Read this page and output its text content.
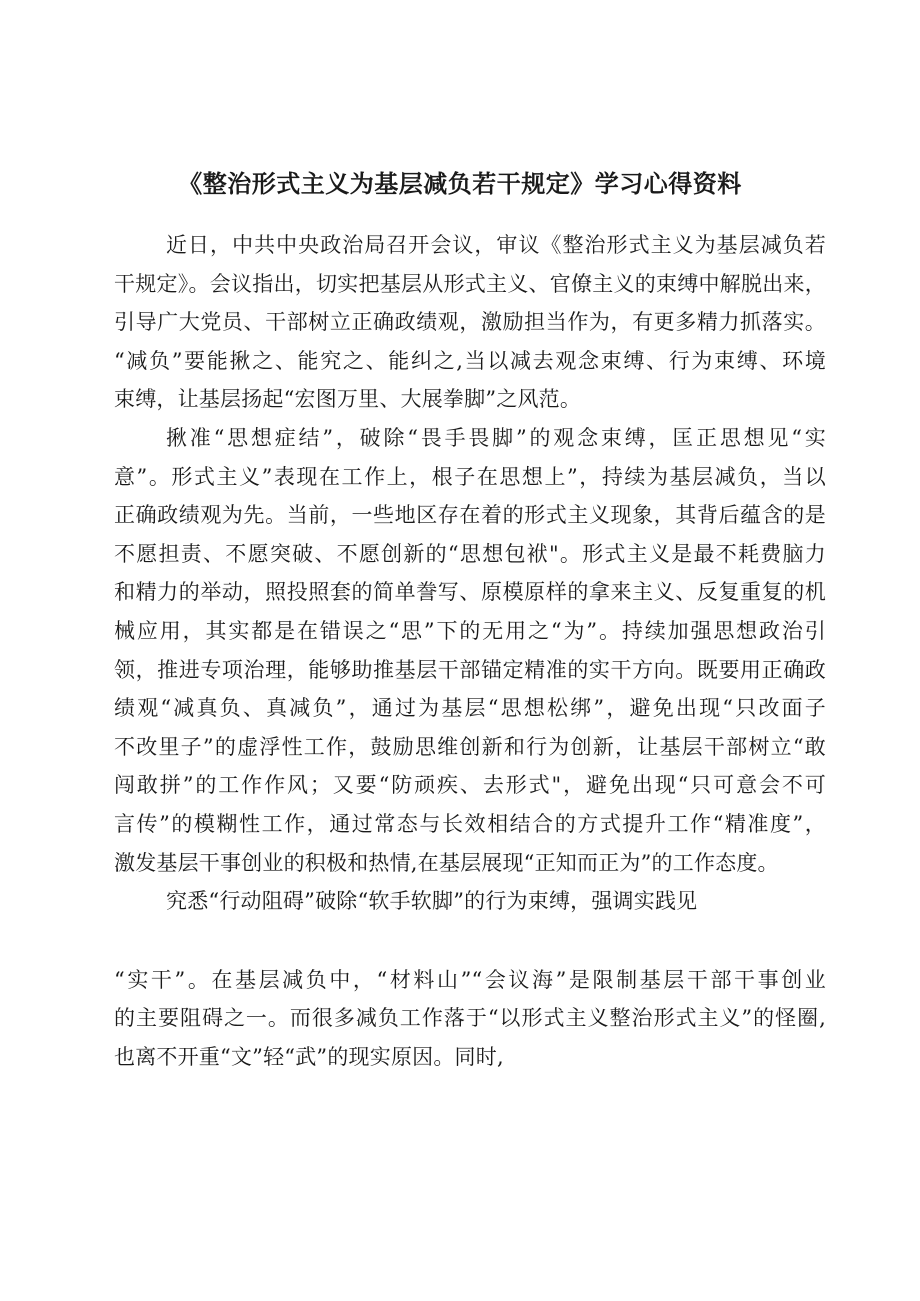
《整治形式主义为基层减负若干规定》学习心得资料
近日，中共中央政治局召开会议，审议《整治形式主义为基层减负若
干规定》。会议指出，切实把基层从形式主义、官僚主义的束缚中解脱出来，
引导广大党员、干部树立正确政绩观，激励担当作为，有更多精力抓落实。
“减负”要能揪之、能究之、能纠之,当以减去观念束缚、行为束缚、环境
束缚，让基层扬起“宏图万里、大展拳脚”之风范。
揪准“思想症结”，破除“畏手畏脚”的观念束缚，匡正思想见“实
意”。形式主义”表现在工作上，根子在思想上”，持续为基层减负，当以
正确政绩观为先。当前，一些地区存在着的形式主义现象，其背后蕴含的是
不愿担责、不愿突破、不愿创新的“思想包袱"。形式主义是最不耗费脑力
和精力的举动，照投照套的简单誊写、原模原样的拿来主义、反复重复的机
械应用，其实都是在错误之“思”下的无用之“为”。持续加强思想政治引
领，推进专项治理，能够助推基层干部锚定精准的实干方向。既要用正确政
绩观“减真负、真减负”，通过为基层“思想松绑”，避免出现“只改面子
不改里子”的虚浮性工作，鼓励思维创新和行为创新，让基层干部树立“敢
闯敢拼”的工作作风；又要“防顽疾、去形式"，避免出现“只可意会不可
言传”的模糊性工作，通过常态与长效相结合的方式提升工作“精准度”，
激发基层干事创业的积极和热情,在基层展现“正知而正为”的工作态度。
究悉“行动阻碍”破除“软手软脚”的行为束缚，强调实践见
“实干”。在基层减负中，“材料山”“会议海”是限制基层干部干事创业
的主要阻碍之一。而很多减负工作落于“以形式主义整治形式主义”的怪圈,
也离不开重“文”轻“武”的现实原因。同时,
